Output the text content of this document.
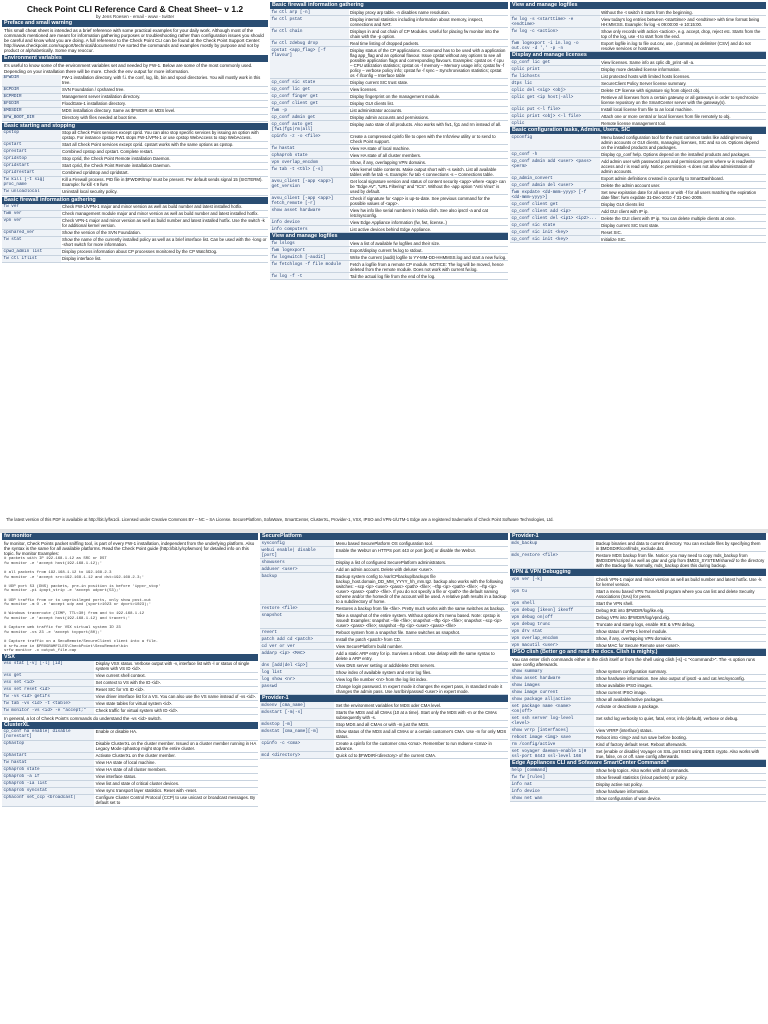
Check Point CLI Reference Card & Cheat Sheet– v 1.2
by Jens Roesen - email - www - twitter
Preface and small warning
This small cheat sheet is intended as a brief reference with some practical examples for your daily work. Although most of the commands mentioned are meant for information gathering purposes or troubleshooting rather than configuration issues you should be careful and know what you are doing. A full reference to the Check Point CLI can be found at the Check Point Support Center: http://www.checkpoint.com/support/technical/documents/ I've sorted the commands and examples mostly by purpose and not by product or alphabetically. Some may reoccur.
Environment variables
It's useful to know some of the environment variables set and needed by FW-1. Below are some of the most commonly used. Depending on your installation there will be more. Check the env output for more information.
$FWDIR	FW-1 installation directory, with f.i. the conf, log, lib, bin and spool directories. You will mostly work in this tree.
$CPDIR	SVN Foundation / cpshared tree.
$CPMDIR	Management server installation directory.
$FGDIR	FloodGate-1 installation directory.
$MDSDIR	MDS installation directory. Same as $FWDIR on MDS level.
$FW_BOOT_DIR	Directory with files needed at boot time.
Basic starting and stopping
cpstop	Stop all Check Point services except cprid. You can also stop specific services by issuing an option with cpstop. For instance cpstop FW1 stops FW-1/VPN-1 or use cpstop WebAccess to stop WebAccess.
cpstart	Start all Check Point services except cprid. cpstart works with the same options as cpstop.
cprestart	Combined cpstop and cpstart. Complete restart.
cpridstop	Stop cprid, the Check Point Remote installation Daemon.
cpridstart	Start cprid, the Check Point Remote installation Daemon.
cpridrestart	Combined cpridstop and cpridstart.
fw kill [-t sig] proc_name	Kill a Firewall process. PID file in $FWDIR/tmp/ must be present. Per default sends signal 15 (SIGTERM). Example: fw kill -t 9 fwm
fw unloadlocal	Uninstall local security policy.
Basic firewall information gathering
fw ver	Check FW-1/VPN-1 major and minor version as well as build number and latest installed hotfix.
fwm ver	Check management module major and minor version as well as build number and latest installed hotfix.
vpn ver	Check VPN-1 major and minor version as well as build number and latest installed hotfix. Use the switch -k for additional kernel version.
cpshared_ver	Show the version of the SVN Foundation.
fw stat	Show the name of the currently installed policy as well as a brief interface list. Can be used with the -long or -short switch for more information.
cpwd_admin list	Display process information about CP processes monitored by the CP WatchDog.
fw ctl iflist	Display interface list.
Basic firewall information gathering
fw ctl arp [-n]	Display proxy arp table. -n disables name resolution.
fw ctl pstat	Display internal statistics including information about memory, inspect, connections and NAT.
fw ctl chain	Displays in and out chain of CP Modules. Useful for placing fw monitor into the chain with the -p option.
fw ctl zdebug drop	Real time listing of dropped packets.
cpstat <app_flag> [-f flavour]	Display status of the CP applications. Command has to be used with a application flag app_flag and an optional flavour. Issue cpstat without any options to see all possible application flags and corresponding flavours. Examples: cpstat os -f cpu – CPU utilization statistics; cpstat os -f memory – Memory usage info; cpstat fw -f policy – verbose policy info; cpstat fw -f sync – Synchronisation statistics; cpstat os -f ifconfig – Interface table
cp_conf sic state	Display current SIC trust state.
cp_conf lic get	View licenses.
cp_conf finger get	Display fingerprint on the management module.
cp_conf client get	Display GUI clients list.
fwm -p	List administrator accounts.
cp_conf admin get	Display admin accounts and permissions.
cp_conf auto get [fw1|fg1|rm|all]	Display auto state of all products. Also works with fw1, fg1 and rm instead of all.
cpinfo -z -o <file>	Create a compressed cpinfo file to open with the InfoView utility or to send to Check Point support.
fw hastat	View HA state of local machine.
cphaprob state	View HA state of all cluster members.
vpn overlap_encdom	Show, if any, overlapping VPN domains.
fw tab -t <tbl> [-s]	View kernel table contents. Make output short with -s switch. List all available tables with fw tab -s. Example: fw tab -t connections -s – Connections table.
avsu_client [-app <app>] get_version	Get local signature version and status of content security <app> where <app> can be "Edge AV", "URL Filtering" and "ICS". Without the -app option "Anti Virus" is used by default.
avsu_client [-app <app>] fetch_remote [-r]	Check if signature for <app> is up-to-date. See previous command for the possible values of <app>.
show asset hardware	View hw info like serial numbers in Nokia clish. See also ipsctl -a and cat /etc/sysconfig.
info device	View Edge Appliance information (fw, fwt, license..)
info computers	List active devices behind Edge Appliance.
View and manage logfiles
fw lslogs	View a list of available fw logfiles and their size.
fwm logexport	Export/display current fw.log to stdout.
fw logswitch [-audit]	Write the current (audit) logfile to YY-MM-DD-HHMMSS.log and start a new fw.log.
fw fetchlogs -f file module	Fetch a logfile from a remote CP module. NOTICE: The log will be moved, hence deleted from the remote module. Does not work with current fw.log.
fw log -f -t	Tail the actual log file from the end of the log.
View and manage logfiles
	Without the -t switch it starts from the beginning.
fw log -s <starttime> -e <endtime>	View today's log entries between <starttime> and <endtime> with time format being HH:MM:SS. Example: fw log -s 09:00:00 -e 10:15:00.
fw log -c <action>	Show only records with action <action>, e.g. accept, drop, reject etc. Starts from the top of the log, use -t to start from the end.
fwm logexport -i in.log -o out.csv -d ',' -p -n	Export logfile in.log to file out.csv, use , (comma) as delimiter (CSV) and do not resolve services or hostnames.
Display and manage licenses
cp_conf lic get	View licenses. Same info as cplic db_print -all -a.
cplic print	Display more detailed license information.
fw lichosts	List protected hosts with limited hosts licenses.
dtps lic	SecureClient Policy Server license summary.
cplic del <sig> <obj>	Delete CP license with signature sig from object obj.
cplic get <ip host|-all>	Retrieve all licenses from a certain gateway or all gateways in order to synchronize license repository on the SmartCenter server with the gateway(s).
cplic put <-l file>	Install local license from file to an local machine.
cplic print <obj> <-l file>	Attach one or more central or local licenses from file remotely to obj.
cplic	Remote license management tool.
Basic configuration tasks, Admins, Users, SIC
cpconfig	Menu based configuration tool for the most common tasks like adding/removing admin accounts or GUI clients, managing licenses, SIC and so on. Options depend on the installed products and packages.
cp_conf -h	Display cp_conf help. Options depend on the installed products and packages.
cp_conf admin add <user> <pass> <perm>	Add admin user with password pass and permissions perm where w is read/write access and r is read only. Notice: permission -s does not allow administration of admin accounts.
cp_admin_convert	Export admin definitions created in cpconfig to SmartDashboard.
cp_conf admin del <user>	Delete the admin account user.
fwm expdate <dd-mmm-yyyy> [-f <dd-mmm-yyyy>]	Set new expiration date for all users or with -f for all users matching the expiration date filter: fwm expdate 31-Dec-2010 -f 31-Dec-2009.
cp_conf client get	Display GUI clients list
cp_conf client add <ip>	Add GUI client with IP ip.
cp_conf client del <ip1> <ip2>...	Delete the GUI client with IP ip. You can delete multiple clients at once.
cp_conf sic state	Display current SIC trust state.
cp_conf sic init <key>	Reset SIC.
cp_conf sic init <key>	Initialize SIC.
The latest version of this PDF is available at http://bit.ly/fw1cli. Licensed under Creative Commons BY – NC – SA License. SecurePlatform, SofaWare, SmartCenter, ClusterXL, Provider-1, VSX, IPSO and VPN-1/UTM-1 Edge are a registered trademarks of Check Point Software Technologies, Ltd.
fw monitor
fw monitor, Check Points packet sniffing tool, is part of every FW-1 installation, independent from the underlying platform. Also the syntax is the same for all available platforms. Read the Check Point guide (http://bit.ly/cpfwmon) for detailed info on this topic. fw monitor Examples:
# packets with IP 192.168.1.12 as SRC or DST
fw monitor -e 'accept host(192.168.1.12);'

# all packets from 192.168.1.12 to 192.168.2.3
fw monitor -e 'accept src=192.168.1.12 and dst=192.168.2.3;'

# UDP port 53 (DNS) packets, pre-in position is before 'ippcr_stop'
fw monitor -pi ipopt_strip -e 'accept udport(53);'

# UDP traffic from or to unprivileged ports, only show post-out
fw monitor -m O -e 'accept udp and (sport>1023 or dport>1023);'

# Windows traceroute (ICMP, TTL<30) from and to 192.168.1.12
fw monitor -e 'accept host(192.168.1.12) and tracert;'

# Capture web traffic for VSX virtual system ID 23
fw monitor -vs 23 -e 'accept tcpport(80);'

# Capture traffic on a SecuRemote/SecureClient client into a file.
# srfw.exe in $PROGRAMFILES\CheckPoint\SecuRemote\bin
srfw monitor -o output_file.cap
VSX
vsx stat [-v] [-l] [id]	Display VSX status. Verbose output with -v, interface list with -l or status of single system with VS ID <id>.
vsx get	View current shell context.
vsx set <id>	Set context to VS with the ID <id>.
vsx set reset <id>	Reset SIC for VS ID <id>.
fw -vs <id> getifs	View driver interface list for a VS. You can also use the VS name instead of -vs <id>.
fw tab -vs <id> -t <table>	View state tables for virtual system <id>.
fw monitor -vs <id> -e "accept;"	Check traffic for virtual system with ID <id>.
In general, a lot of Check Point's commands do understand the -vs <id> switch.
ClusterXL
cp_conf ha enable| disable [norestart]	Enable or disable HA.
cphastop	Disable ClusterXL on the cluster member. Issued on a cluster member running in HA Legacy Mode cphastop might stop the entire cluster.
cphastart	Activate ClusterXL on the cluster member.
fw hastat	View HA state of local machine.
cphaprob state	View HA state of all cluster members.
cphaprob -a if	View interface status.
cphaprob -ia list	View list and state of critical cluster devices.
cphaprob syncstat	View sync transport layer statistics. Reset with -reset.
cphaconf set_ccp <broadcast|	Configure Cluster Control Protocol (CCP) to use unicast or broadcast messages. By default set to
SecurePlatform
sysconfig	Menu based SecurePlatform OS configuration tool.
webui enable| disable [port]	Enable the WebUI on HTTPS port 443 or port [port] or disable the WebUI.
showusers	Display a list of configured SecurePlatform administrators.
adduser <user>	Add an admin account. Delete with deluser <user>.
backup	Backup system config to /var/CPbackup/backups file backup_host.domain_DD_MM_YYYY_hh_mm.tgz. backup also works with the following switches: --scp <ip> <user> <pass> <path> <file>; --tftp <ip> <path> <file>; --ftp <ip> <user> <pass> <path> <file>. If you do not specify a file or <path> the default naming scheme and/or the homedir of the account will be used. A relative path results in a backup to a subdirectory of home.
restore <file>	Restores a backup from file <file>. Pretty much works with the same switches as backup.
snapshot	Take a snapshot of the entire system. Without options it's menu based. Note: cpstop is issued! Examples: snapshot --file <file>; snapshot --tftp <ip> <file>; snapshot --scp <ip> <user> <pass> <file>; snapshot --ftp <ip> <user> <pass> <file>
revert	Reboot system from a snapshot file. Same switches as snapshot.
patch add cd <patch>	Install the patch <patch> from CD.
cd ver or ver	View SecurePlatform build number.
addarp <ip> <MAC>	Add a static ARP entry for ip. Survives a reboot. Use delarp with the same syntax to delete a ARP entry.
dns [add|del <ip>]	View DNS server setting or add/delete DNS servers.
log list	Show index of available system and error log files.
log show <nr>	View log file number <nr> from the log list index.
passwd	Change login password. In expert mode it changes the expert pass, in standard mode it changes the admin pass. Use /usr/bin/passwd <user> in expert mode.
Provider-1
mdsenv [cma_name]	Set the environment variables for MDS oder CMA level.
mdsstart [-m|-s]	Starts the MDS and all CMAs (10 at a time). Start only the MDS with -m or the CMAs subsequently with -s.
mdsstop [-m]	Stop MDS and all CMAs or with -m just the MDS.
mdsstat [cma_name][-m]	Show status of the MDS and all CMAs or a certain customer's CMA. Use -m for only MDS status.
cpinfo -c <cma>	Create a cpinfo for the customer cma <cma>. Remember to run mdsenv <cma> in advance.
mcd <directory>	Quick cd to $FWDIR/<directory> of the current CMA.
Provider-1
mds_backup	Backup binaries and data to current directory. You can exclude files by specifying them in $MDSDIR/conf/mds_exclude.dat.
mds_restore <file>	Restore MDS backup from file. Notice: you may need to copy mds_backup from $MDSDIR/scripts/ as well as gtar and gzip from $MDS_SYSTEM/shared/ to the directory with the Backup file. Normally, mds_backup does this during backup.
VPN & VPN Debugging
vpn ver [-k]	Check VPN-1 major and minor version as well as build number and latest hotfix. Use -k for kernel version.
vpn tu	Start a menu based VPN TunnelUtil program where you can list and delete Security Associations (SAs) for peers.
vpn shell	Start the VPN shell.
vpn debug [ikeon] ikeoff	Debug IKE into $FWDIR/log/ike.elg.
vpn debug on|off	Debug VPN into $FWDIR/log/vpnd.elg.
vpn debug trunc	Truncate and stamp logs, enable IKE & VPN debug.
vpn drv stat	Show status of VPN-1 kernel module.
vpn overlap_encdom	Show, if any, overlapping VPN domains.
vpn macutil <user>	Show MAC for Secure Remote user <user>.
IPSO clish (Better go and read the docs. Clish is mighty.)
You can enter clish commands either in the clish itself or from the shell using clish [-s] -c "<command>". The -s option runs save config afterwards.
show summary	Show system configuration summary.
show asset hardware	Show hardware information. See also output of ipsctl -a and cat /etc/sysconfig.
show images	Show available IPSO images.
show image current	Show current IPSO image.
show package all|active	Show all available/active packages.
set package name <name> <on|off>	Activate or deactivate a package.
set ssh server log-level <level>	Set sshd log verbosity to quiet, fatal, error, info (default), verbose or debug.
show vrrp [interfaces]	View VRRP (interface) status.
reboot image <img> save	Reboot into <img> and run save before booting.
rm /config/active	Kind of factory default reset. Reboot afterwards.
set voyager daemon-enable 1|0 ssl-port 8443 ssl-level 168	Set (enable or disable) Voyager on SSL port 8443 using 3DES crypto. Also works with true, false, on or off. save config afterwards.
Edge Appliances CLI and Sofaware SmartCenter Commands*
help [command]	Show help topics. Also works with all commands.
fw fw [rules]	Show firewall statistics (in/out packets) or policy.
info nat	Display active nat policy.
info device	Show hardware information.
show net wan	Show configuration of wan device.
